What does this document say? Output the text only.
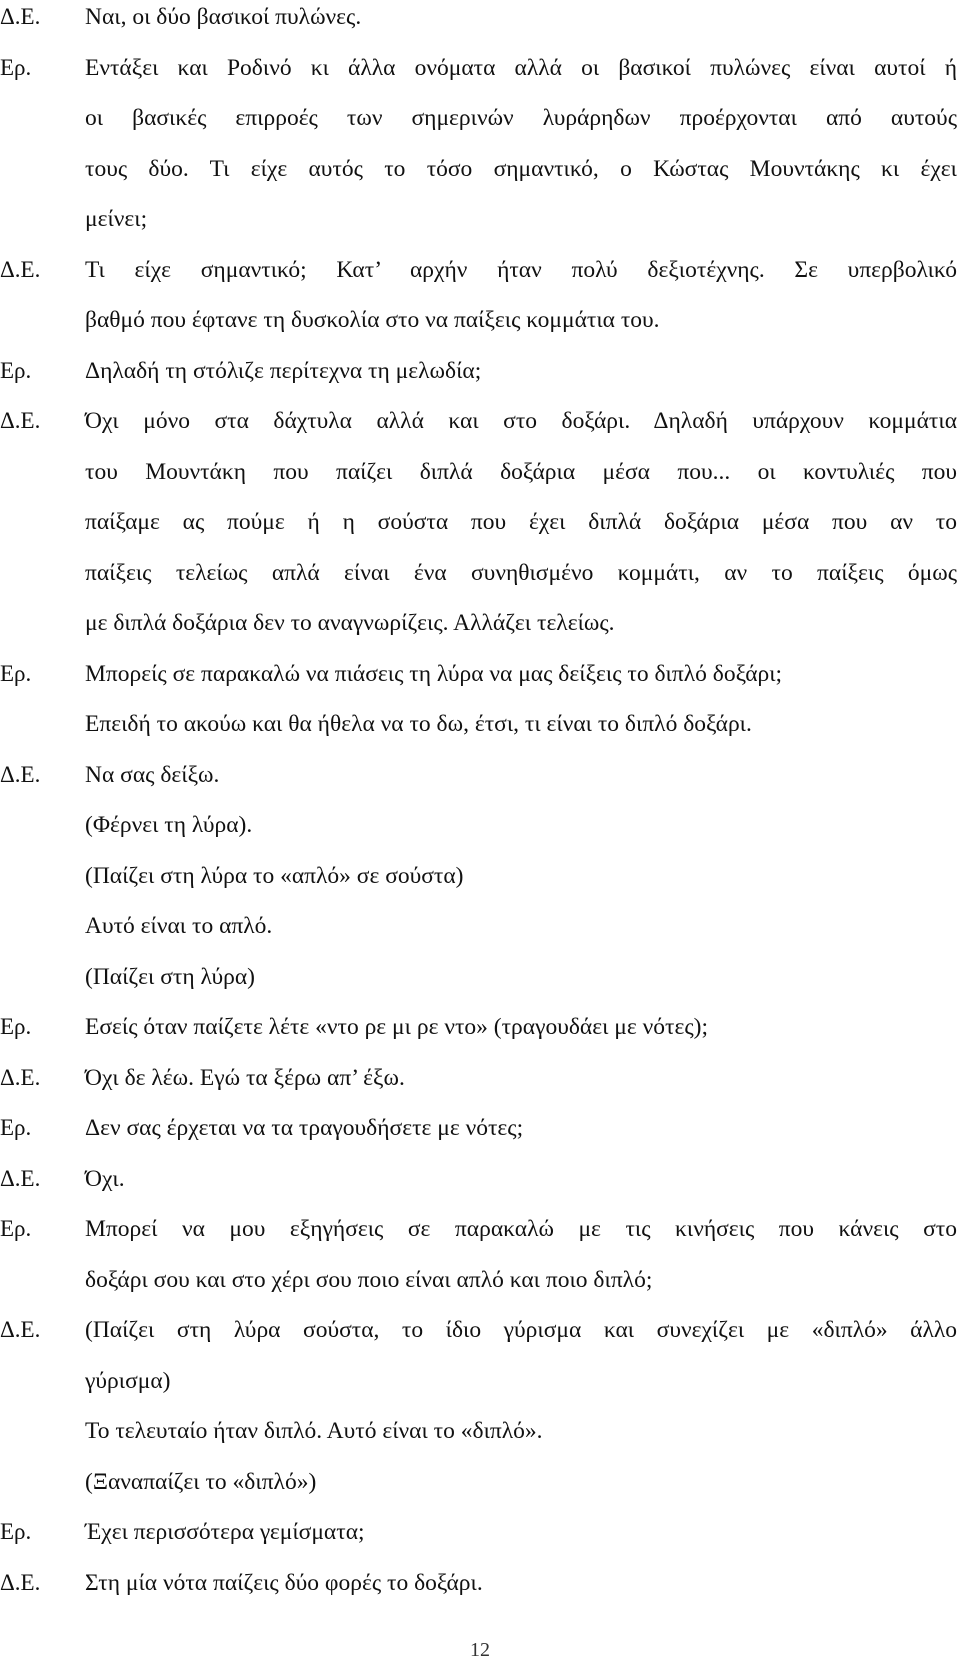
Δ.Ε. Ναι, οι δύο βασικοί πυλώνες.
Ερ. Εντάξει και Ροδινό κι άλλα ονόματα αλλά οι βασικοί πυλώνες είναι αυτοί ή
οι βασικές επιρροές των σημερινών λυράρηδων προέρχονται από αυτούς
τους δύο. Τι είχε αυτός το τόσο σημαντικό, ο Κώστας Μουντάκης κι έχει
μείνει;
Δ.Ε. Τι είχε σημαντικό; Κατ’ αρχήν ήταν πολύ δεξιοτέχνης. Σε υπερβολικό
βαθμό που έφτανε τη δυσκολία στο να παίξεις κομμάτια του.
Ερ. Δηλαδή τη στόλιζε περίτεχνα τη μελωδία;
Δ.Ε. Όχι μόνο στα δάχτυλα αλλά και στο δοξάρι. Δηλαδή υπάρχουν κομμάτια
του Μουντάκη που παίζει διπλά δοξάρια μέσα που... οι κοντυλιές που
παίξαμε ας πούμε ή η σούστα που έχει διπλά δοξάρια μέσα που αν το
παίξεις τελείως απλά είναι ένα συνηθισμένο κομμάτι, αν το παίξεις όμως
με διπλά δοξάρια δεν το αναγνωρίζεις. Αλλάζει τελείως.
Ερ. Μπορείς σε παρακαλώ να πιάσεις τη λύρα να μας δείξεις το διπλό δοξάρι;
Επειδή το ακούω και θα ήθελα να το δω, έτσι, τι είναι το διπλό δοξάρι.
Δ.Ε. Να σας δείξω.
(Φέρνει τη λύρα).
(Παίζει στη λύρα το «απλό» σε σούστα)
Αυτό είναι το απλό.
(Παίζει στη λύρα)
Ερ. Εσείς όταν παίζετε λέτε «ντο ρε μι ρε ντο» (τραγουδάει με νότες);
Δ.Ε. Όχι δε λέω. Εγώ τα ξέρω απ’ έξω.
Ερ. Δεν σας έρχεται να τα τραγουδήσετε με νότες;
Δ.Ε. Όχι.
Ερ. Μπορεί να μου εξηγήσεις σε παρακαλώ με τις κινήσεις που κάνεις στο
δοξάρι σου και στο χέρι σου ποιο είναι απλό και ποιο διπλό;
Δ.Ε. (Παίζει στη λύρα σούστα, το ίδιο γύρισμα και συνεχίζει με «διπλό» άλλο
γύρισμα)
Το τελευταίο ήταν διπλό. Αυτό είναι το «διπλό».
(Ξαναπαίζει το «διπλό»)
Ερ. Έχει περισσότερα γεμίσματα;
Δ.Ε. Στη μία νότα παίζεις δύο φορές το δοξάρι.
12
